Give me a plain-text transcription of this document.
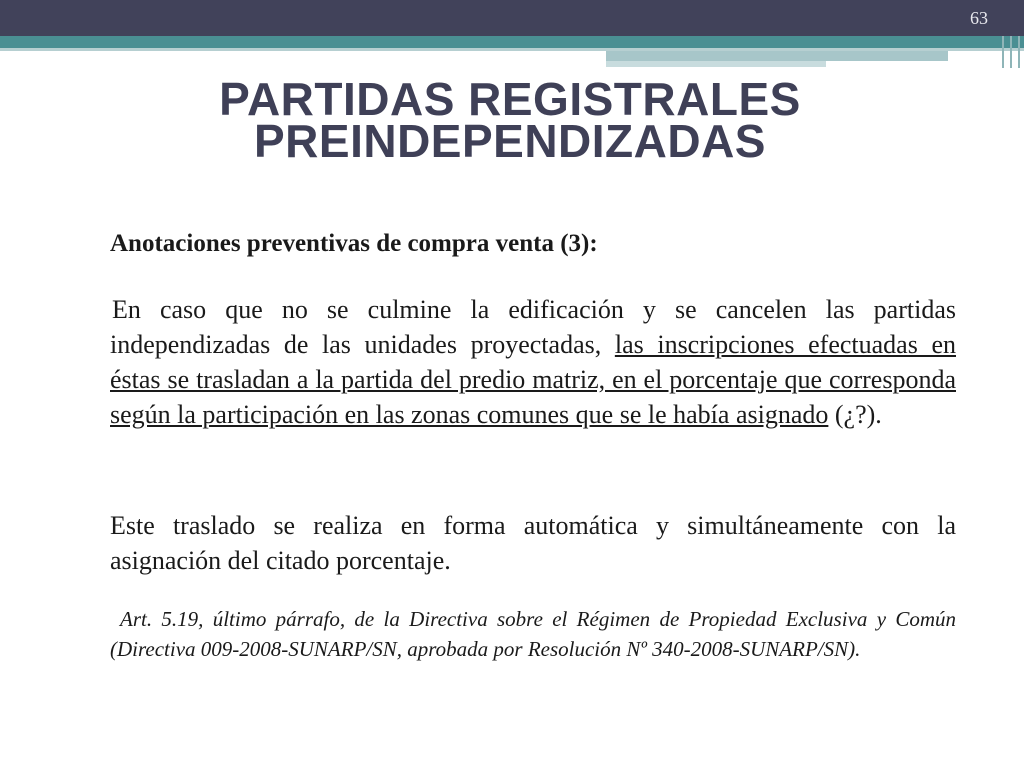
63
PARTIDAS REGISTRALES
PREINDEPENDIZADAS
Anotaciones preventivas de compra venta (3):
En caso que no se culmine la edificación y se cancelen las partidas independizadas de las unidades proyectadas, las inscripciones efectuadas en éstas se trasladan a la partida del predio matriz, en el porcentaje que corresponda según la participación en las zonas comunes que se le había asignado (¿?).
Este traslado se realiza en forma automática y simultáneamente con la asignación del citado porcentaje.
Art. 5.19, último párrafo, de la Directiva sobre el Régimen de Propiedad Exclusiva y Común (Directiva 009-2008-SUNARP/SN, aprobada por Resolución Nº 340-2008-SUNARP/SN).
